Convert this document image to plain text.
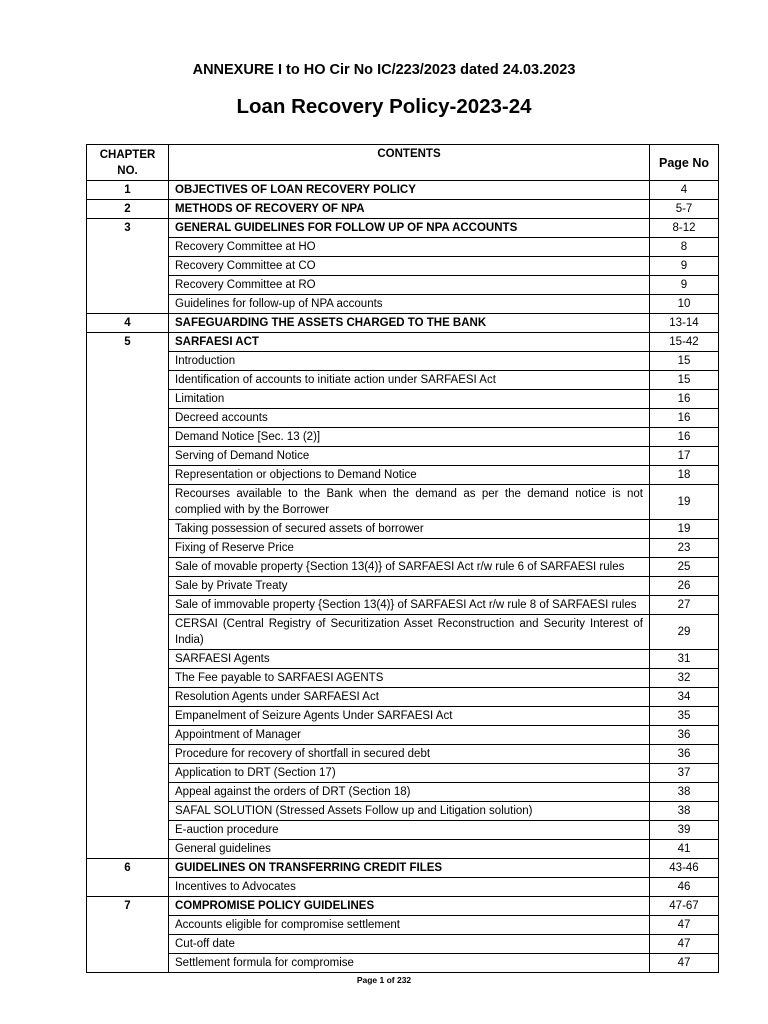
ANNEXURE I to HO Cir No IC/223/2023 dated 24.03.2023
Loan Recovery Policy-2023-24
CHAPTER NO.	CONTENTS	Page No
1	OBJECTIVES OF LOAN RECOVERY POLICY	4
2	METHODS OF RECOVERY OF NPA	5-7
3	GENERAL GUIDELINES FOR FOLLOW UP OF NPA ACCOUNTS	8-12
	Recovery Committee at HO	8
	Recovery Committee at CO	9
	Recovery Committee at RO	9
	Guidelines for follow-up of NPA accounts	10
4	SAFEGUARDING THE ASSETS CHARGED TO THE BANK	13-14
5	SARFAESI ACT	15-42
	Introduction	15
	Identification of accounts to initiate action under SARFAESI Act	15
	Limitation	16
	Decreed accounts	16
	Demand Notice [Sec. 13 (2)]	16
	Serving of Demand Notice	17
	Representation or objections to Demand Notice	18
	Recourses available to the Bank when the demand as per the demand notice is not complied with by the Borrower	19
	Taking possession of secured assets of borrower	19
	Fixing of Reserve Price	23
	Sale of movable property {Section 13(4)} of SARFAESI Act r/w rule 6 of SARFAESI rules	25
	Sale by Private Treaty	26
	Sale of immovable property {Section 13(4)} of SARFAESI Act r/w rule 8 of SARFAESI rules	27
	CERSAI (Central Registry of Securitization Asset Reconstruction and Security Interest of India)	29
	SARFAESI Agents	31
	The Fee payable to SARFAESI AGENTS	32
	Resolution Agents under SARFAESI Act	34
	Empanelment of Seizure Agents Under SARFAESI Act	35
	Appointment of Manager	36
	Procedure for recovery of shortfall in secured debt	36
	Application to DRT (Section 17)	37
	Appeal against the orders of DRT (Section 18)	38
	SAFAL SOLUTION (Stressed Assets Follow up and Litigation solution)	38
	E-auction procedure	39
	General guidelines	41
6	GUIDELINES ON TRANSFERRING CREDIT FILES	43-46
	Incentives to Advocates	46
7	COMPROMISE POLICY GUIDELINES	47-67
	Accounts eligible for compromise settlement	47
	Cut-off date	47
	Settlement formula for compromise	47
Page 1 of 232
